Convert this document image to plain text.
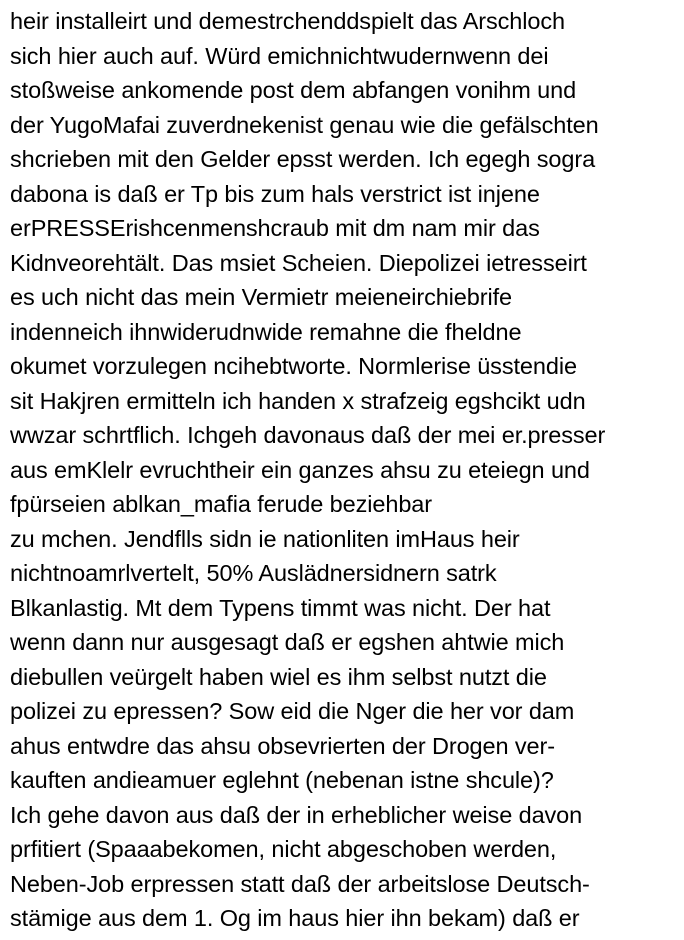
heir installeirt und demestrchenddspielt das Arschloch
sich hier auch auf. Würd emichnichtwudernwenn dei
stoßweise ankomende post dem abfangen vonihm und
der YugoMafai zuverdnekenist genau wie die gefälschten
shcrieben mit den Gelder epsst werden. Ich egegh sogra
dabona is daß er Tp bis zum hals verstrict ist injene
erPRESSErishcenmenshcraub mit dm nam mir das
Kidnveorehtält. Das msiet Scheien. Diepolizei ietresseirt
es uch nicht das mein Vermietr meieneirchiebrife
indenneich ihnwiderudnwide remahne die fheldne
okumet vorzulegen ncihebtworte. Normlerise üsstendie
sit Hakjren ermitteln ich handen x strafzeig egshcikt udn
wwzar schrtflich. Ichgeh davonaus daß der mei er.presser
aus emKlelr evruchtheir ein ganzes ahsu zu eteiegn und
fpürseien ablkan_mafia ferude beziehbar
zu mchen. Jendflls sidn ie nationliten imHaus heir
nichtnoamrlvertelt, 50% Auslädnersidnern satrk
Blkanlastig. Mt dem Typens timmt was nicht. Der hat
wenn dann nur ausgesagt daß er egshen ahtwie mich
diebullen veürgelt haben wiel es ihm selbst nutzt die
polizei zu epressen? Sow eid die Nger die her vor dam
ahus entwdre das ahsu obsevrierten der Drogen ver-
kauften andieamuer eglehnt (nebenan istne shcule)?
Ich gehe davon aus daß der in erheblicher weise davon
prfitiert (Spaaabekomen, nicht abgeschoben werden,
Neben-Job erpressen statt daß der arbeitslose Deutsch-
stämige aus dem 1. Og im haus hier ihn bekam) daß er
